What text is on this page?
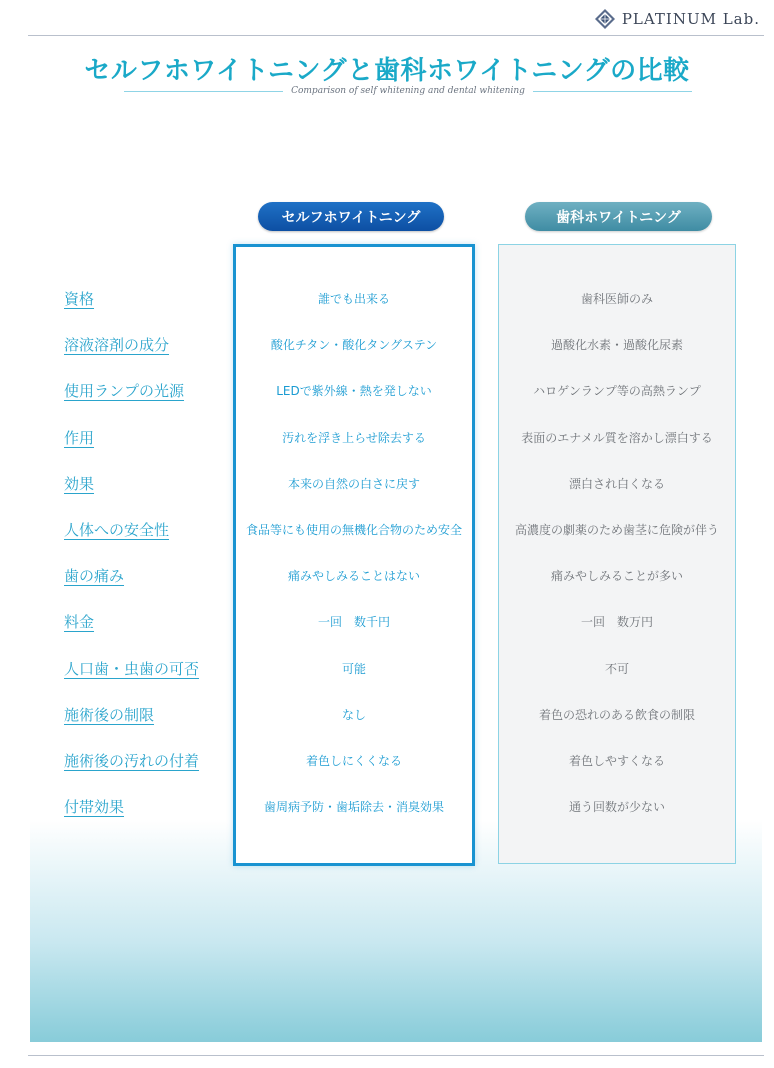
PLATINUM Lab.
セルフホワイトニングと歯科ホワイトニングの比較
Comparison of self whitening and dental whitening
セルフホワイトニング	歯科ホワイトニング
資格	誰でも出来る	歯科医師のみ
溶液溶剤の成分	酸化チタン・酸化タングステン	過酸化水素・過酸化尿素
使用ランプの光源	LEDで紫外線・熱を発しない	ハロゲンランプ等の高熱ランプ
作用	汚れを浮き上らせ除去する	表面のエナメル質を溶かし漂白する
効果	本来の自然の白さに戻す	漂白され白くなる
人体への安全性	食品等にも使用の無機化合物のため安全	高濃度の劇薬のため歯茎に危険が伴う
歯の痛み	痛みやしみることはない	痛みやしみることが多い
料金	一回　数千円	一回　数万円
人口歯・虫歯の可否	可能	不可
施術後の制限	なし	着色の恐れのある飲食の制限
施術後の汚れの付着	着色しにくくなる	着色しやすくなる
付帯効果	歯周病予防・歯垢除去・消臭効果	通う回数が少ない
